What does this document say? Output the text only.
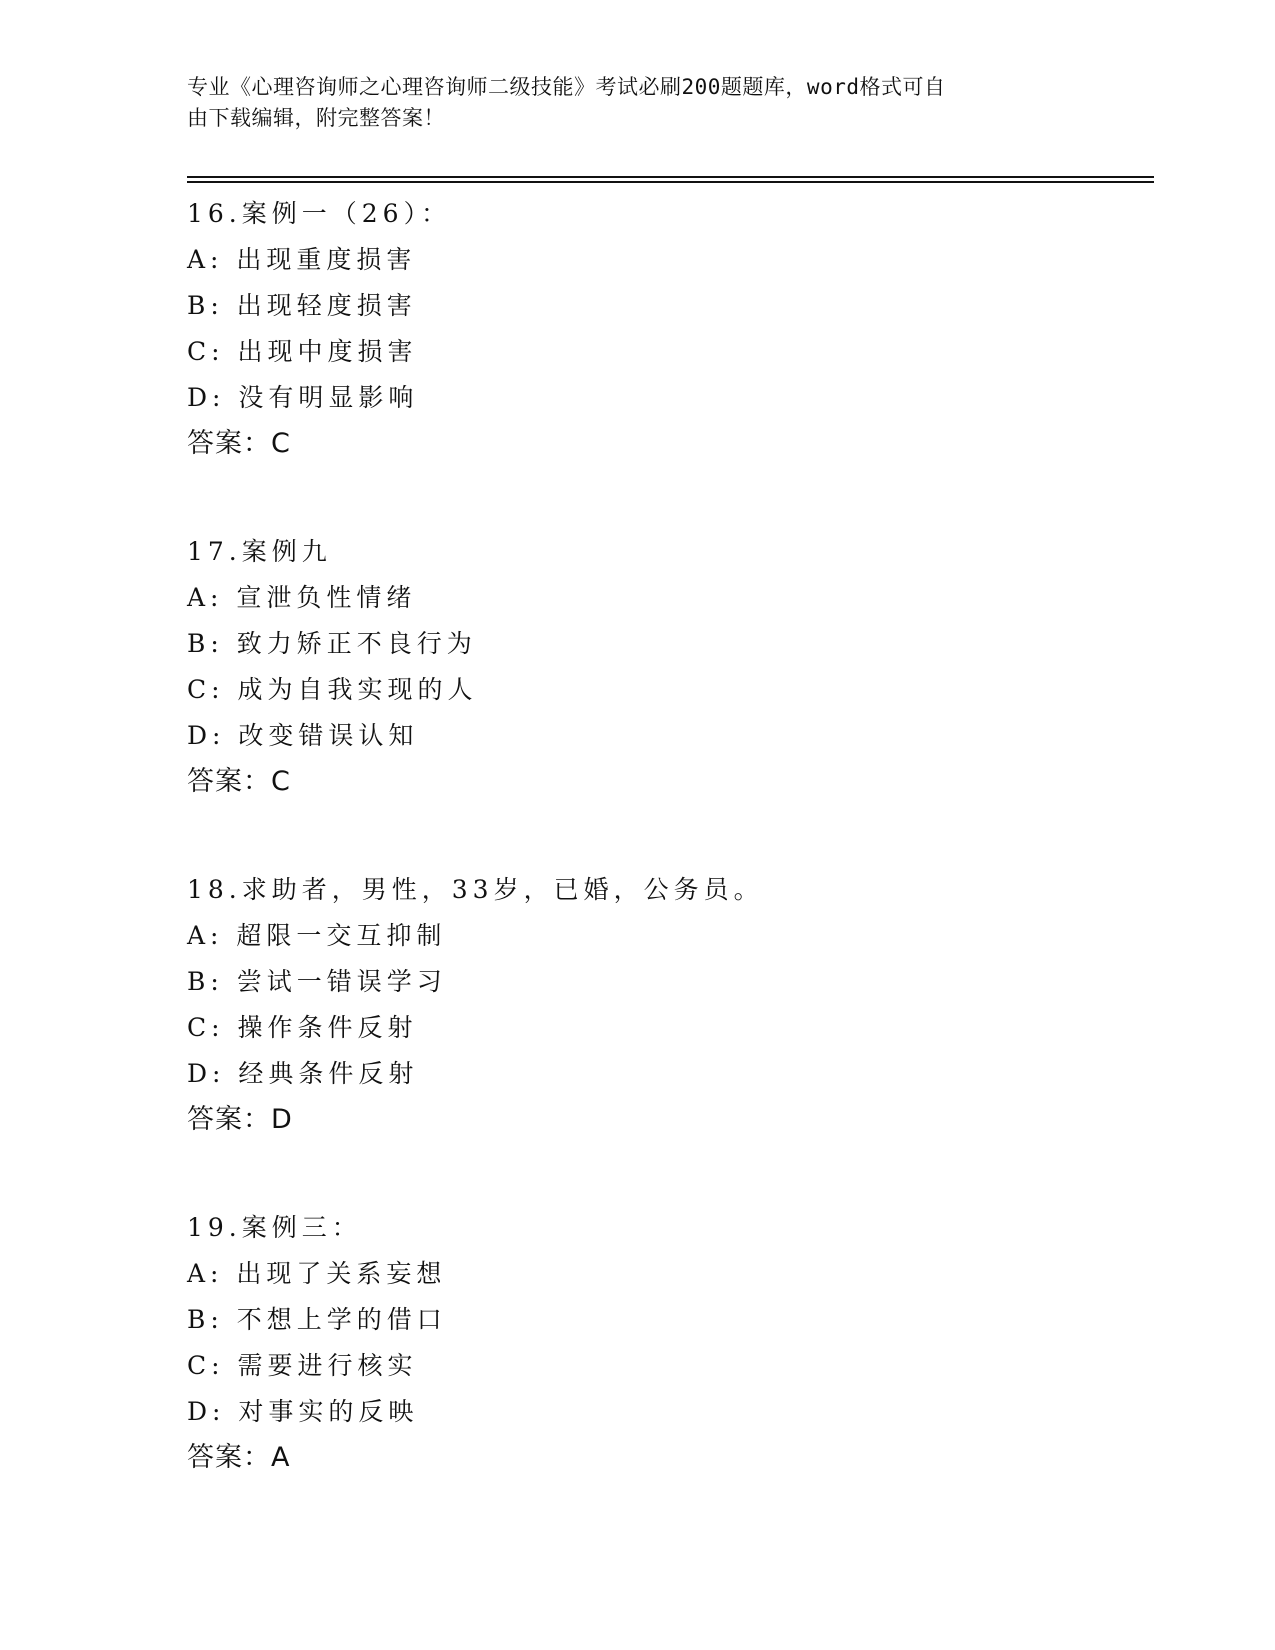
专业《心理咨询师之心理咨询师二级技能》考试必刷200题题库，word格式可自
由下载编辑，附完整答案！
16.案例一（26）：
A: 出现重度损害
B: 出现轻度损害
C: 出现中度损害
D: 没有明显影响
答案：C
17.案例九
A: 宣泄负性情绪
B: 致力矫正不良行为
C: 成为自我实现的人
D: 改变错误认知
答案：C
18.求助者，男性，33岁，已婚，公务员。
A: 超限一交互抑制
B: 尝试一错误学习
C: 操作条件反射
D: 经典条件反射
答案：D
19.案例三：
A: 出现了关系妄想
B: 不想上学的借口
C: 需要进行核实
D: 对事实的反映
答案：A
